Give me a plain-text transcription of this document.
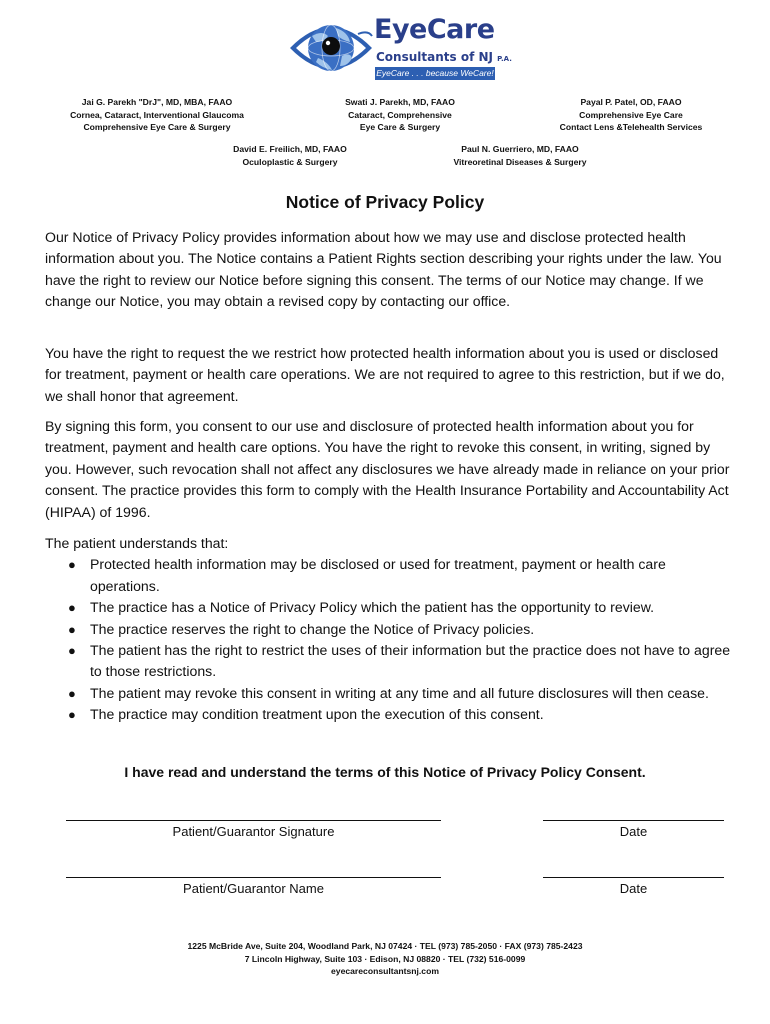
EyeCare
Consultants of NJ P.A.
EyeCare . . . because WeCare!
Jai G. Parekh "DrJ", MD, MBA, FAAO
Cornea, Cataract, Interventional Glaucoma
Comprehensive Eye Care & Surgery
Swati J. Parekh, MD, FAAO
Cataract, Comprehensive
Eye Care & Surgery
Payal P. Patel, OD, FAAO
Comprehensive Eye Care
Contact Lens &Telehealth Services
David E. Freilich, MD, FAAO
Oculoplastic & Surgery
Paul N. Guerriero, MD, FAAO
Vitreoretinal Diseases & Surgery
Notice of Privacy Policy

Our Notice of Privacy Policy provides information about how we may use and disclose protected health information about you. The Notice contains a Patient Rights section describing your rights under the law. You have the right to review our Notice before signing this consent. The terms of our Notice may change. If we change our Notice, you may obtain a revised copy by contacting our office.

You have the right to request the we restrict how protected health information about you is used or disclosed for treatment, payment or health care operations. We are not required to agree to this restriction, but if we do, we shall honor that agreement.

By signing this form, you consent to our use and disclosure of protected health information about you for treatment, payment and health care options. You have the right to revoke this consent, in writing, signed by you. However, such revocation shall not affect any disclosures we have already made in reliance on your prior consent. The practice provides this form to comply with the Health Insurance Portability and Accountability Act (HIPAA) of 1996.

The patient understands that:

● Protected health information may be disclosed or used for treatment, payment or health care operations.
● The practice has a Notice of Privacy Policy which the patient has the opportunity to review.
● The practice reserves the right to change the Notice of Privacy policies.
● The patient has the right to restrict the uses of their information but the practice does not have to agree to those restrictions.
● The patient may revoke this consent in writing at any time and all future disclosures will then cease.
● The practice may condition treatment upon the execution of this consent.
I have read and understand the terms of this Notice of Privacy Policy Consent.
Patient/Guarantor Signature	Date
Patient/Guarantor Name	Date
1225 McBride Ave, Suite 204, Woodland Park, NJ 07424 · TEL (973) 785-2050 · FAX (973) 785-2423
7 Lincoln Highway, Suite 103 · Edison, NJ 08820 · TEL (732) 516-0099
eyecareconsultantsnj.com
